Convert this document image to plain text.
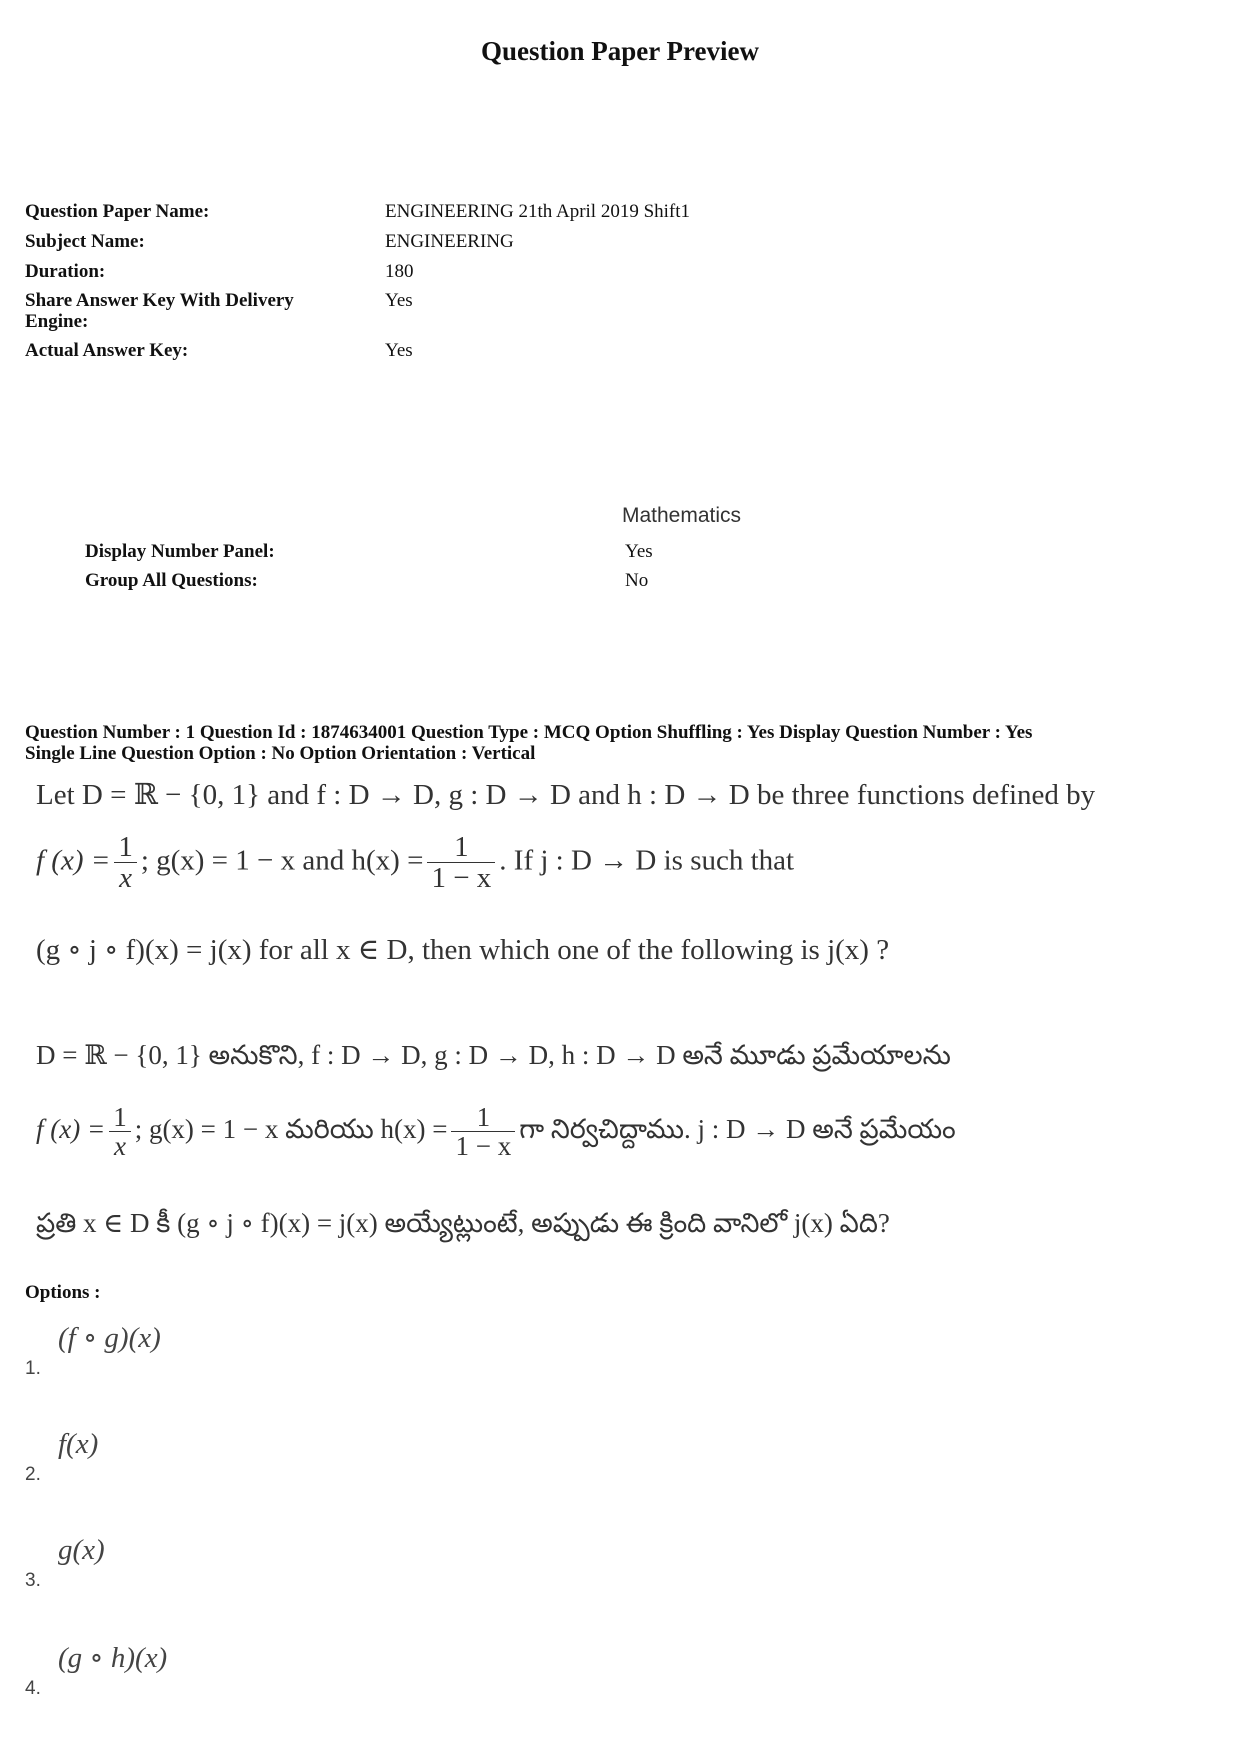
Question Paper Preview
Question Paper Name:	ENGINEERING 21th April 2019 Shift1
Subject Name:	ENGINEERING
Duration:	180
Share Answer Key With Delivery Engine:
Yes
Actual Answer Key:	Yes
Mathematics
Display Number Panel:	Yes
Group All Questions:	No
Question Number : 1 Question Id : 1874634001 Question Type : MCQ Option Shuffling : Yes Display Question Number : Yes
Single Line Question Option : No Option Orientation : Vertical
Let D = ℝ − {0, 1} and f : D → D, g : D → D and h : D → D be three functions defined by
f $(x) = \frac{1}{x}$ ; g(x) = 1 − x and $h(x) = \frac{1}{1 - x}$ . If j : D → D is such that
(g ∘ j ∘ f)(x) = j(x) for all x ∈ D, then which one of the following is j(x) ?
D = ℝ − {0, 1} అనుకొని, f : D → D, g : D → D, h : D → D అనే మూడు ప్రమేయాలను
f $(x) = \frac{1}{x}$ ; g(x) = 1 − x మరియు $h(x) = \frac{1}{1 - x}$ గా నిర్వచిద్దాము. j : D → D అనే ప్రమేయం
ప్రతి x ∈ D కీ (g ∘ j ∘ f)(x) = j(x) అయ్యేట్లుంటే, అప్పుడు ఈ క్రింది వానిలో j(x) ఏది?
Options :
(f ∘ g)(x)
1.
f(x)
2.
g(x)
3.
(g ∘ h)(x)
4.
